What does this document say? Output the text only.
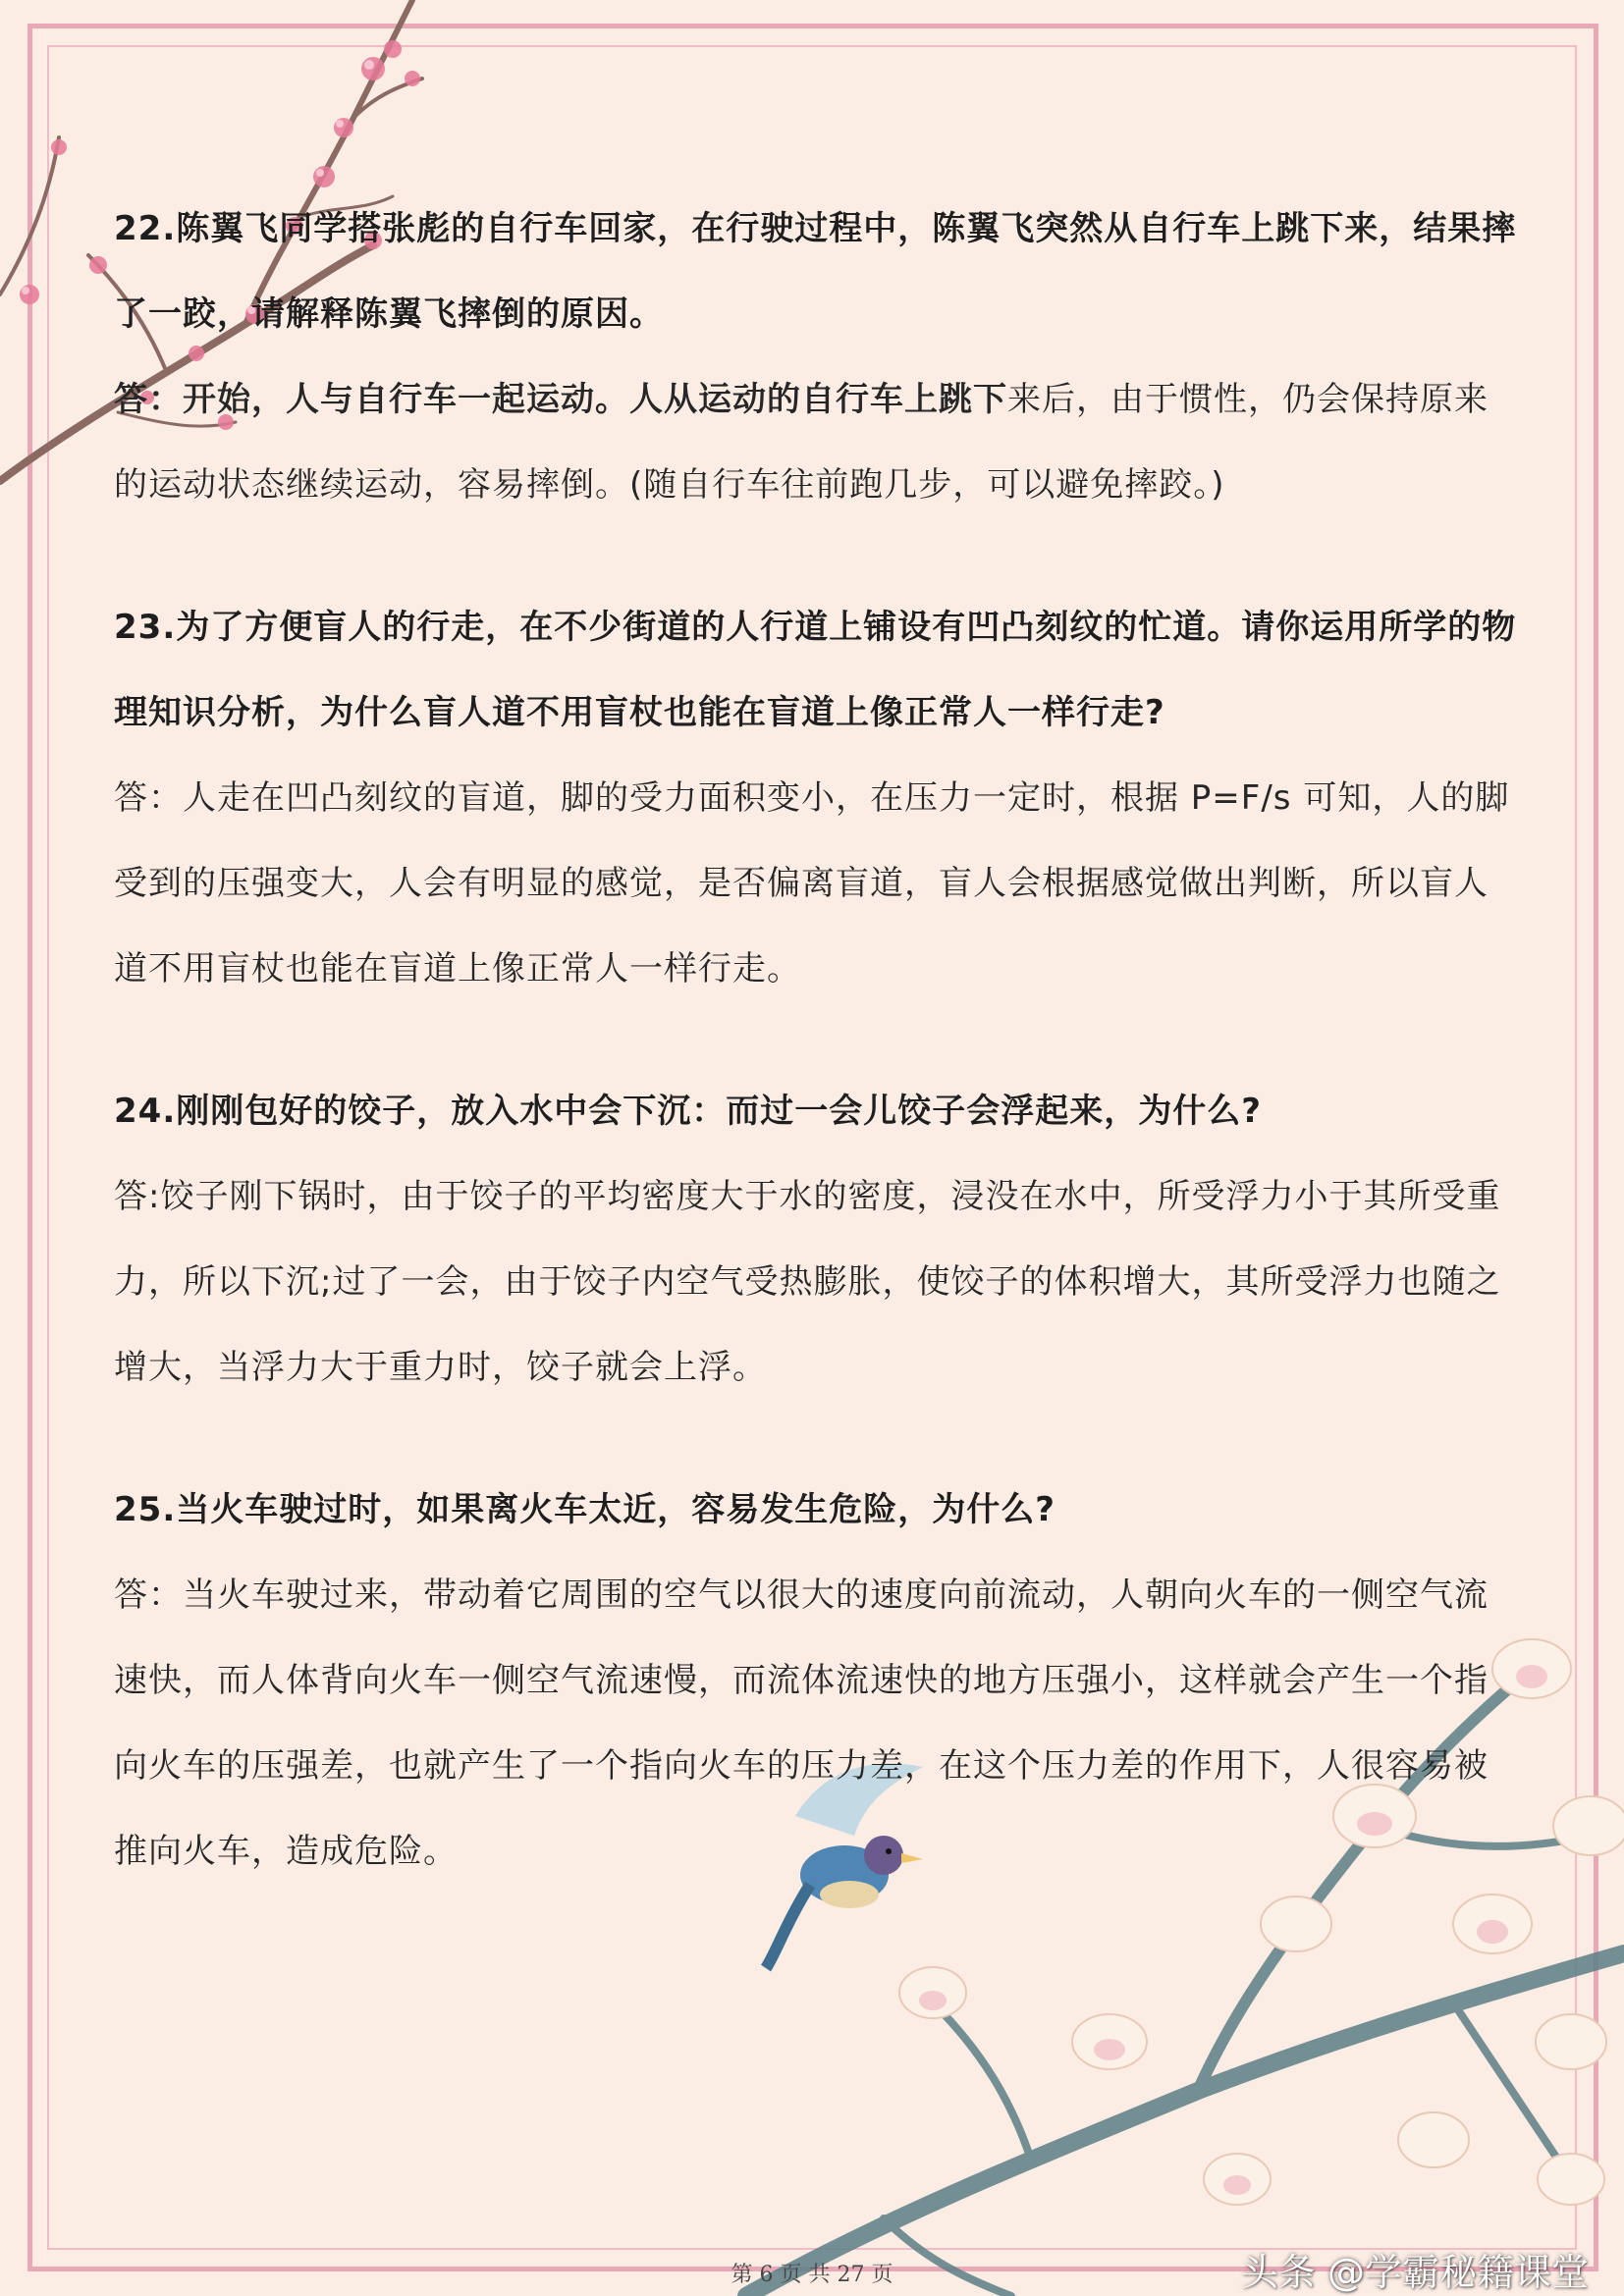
22.陈翼飞同学搭张彪的自行车回家，在行驶过程中，陈翼飞突然从自行车上跳下来，结果摔了一跤，请解释陈翼飞摔倒的原因。

答：开始，人与自行车一起运动。人从运动的自行车上跳下来后，由于惯性，仍会保持原来的运动状态继续运动，容易摔倒。(随自行车往前跑几步，可以避免摔跤。)

23.为了方便盲人的行走，在不少街道的人行道上铺设有凹凸刻纹的忙道。请你运用所学的物理知识分析，为什么盲人道不用盲杖也能在盲道上像正常人一样行走?

答：人走在凹凸刻纹的盲道，脚的受力面积变小，在压力一定时，根据 P=F/s 可知，人的脚受到的压强变大，人会有明显的感觉，是否偏离盲道，盲人会根据感觉做出判断，所以盲人道不用盲杖也能在盲道上像正常人一样行走。

24.刚刚包好的饺子，放入水中会下沉：而过一会儿饺子会浮起来，为什么?

答:饺子刚下锅时，由于饺子的平均密度大于水的密度，浸没在水中，所受浮力小于其所受重力，所以下沉;过了一会，由于饺子内空气受热膨胀，使饺子的体积增大，其所受浮力也随之增大，当浮力大于重力时，饺子就会上浮。

25.当火车驶过时，如果离火车太近，容易发生危险，为什么?

答：当火车驶过来，带动着它周围的空气以很大的速度向前流动，人朝向火车的一侧空气流速快，而人体背向火车一侧空气流速慢，而流体流速快的地方压强小，这样就会产生一个指向火车的压强差，也就产生了一个指向火车的压力差，在这个压力差的作用下，人很容易被推向火车，造成危险。

第 6 页 共 27 页	头条 @学霸秘籍课堂
